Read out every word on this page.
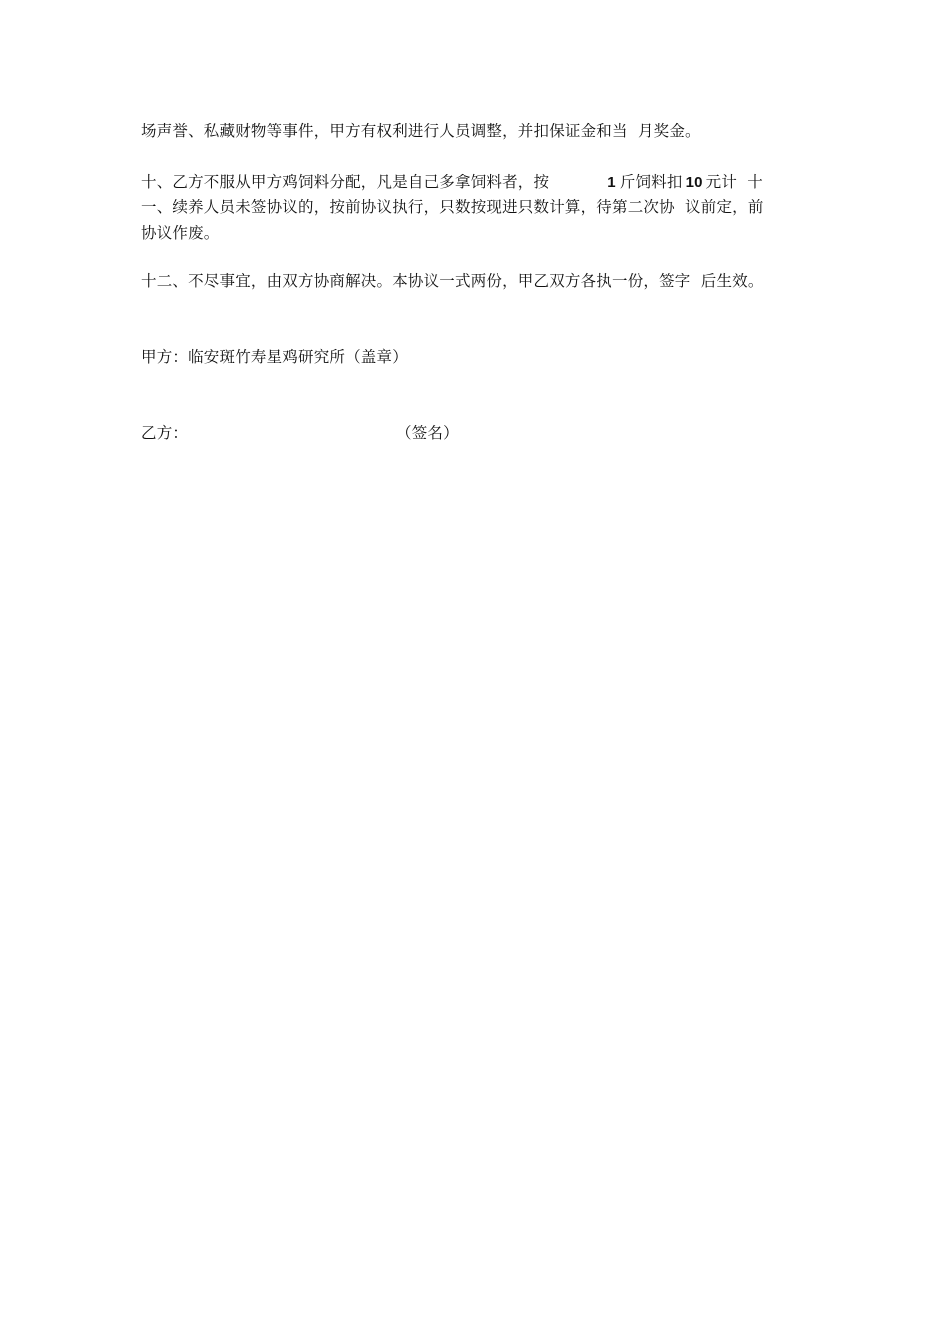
场声誉、私藏财物等事件，甲方有权利进行人员调整，并扣保证金和当  月奖金。
十、乙方不服从甲方鸡饲料分配，凡是自己多拿饲料者，按	1 斤饲料扣 10 元计  十
一、续养人员未签协议的，按前协议执行，只数按现进只数计算，待第二次协  议前定，前
协议作废。
十二、不尽事宜，由双方协商解决。本协议一式两份，甲乙双方各执一份，签字  后生效。
甲方：临安斑竹寿星鸡研究所（盖章）
乙方：	（签名）
